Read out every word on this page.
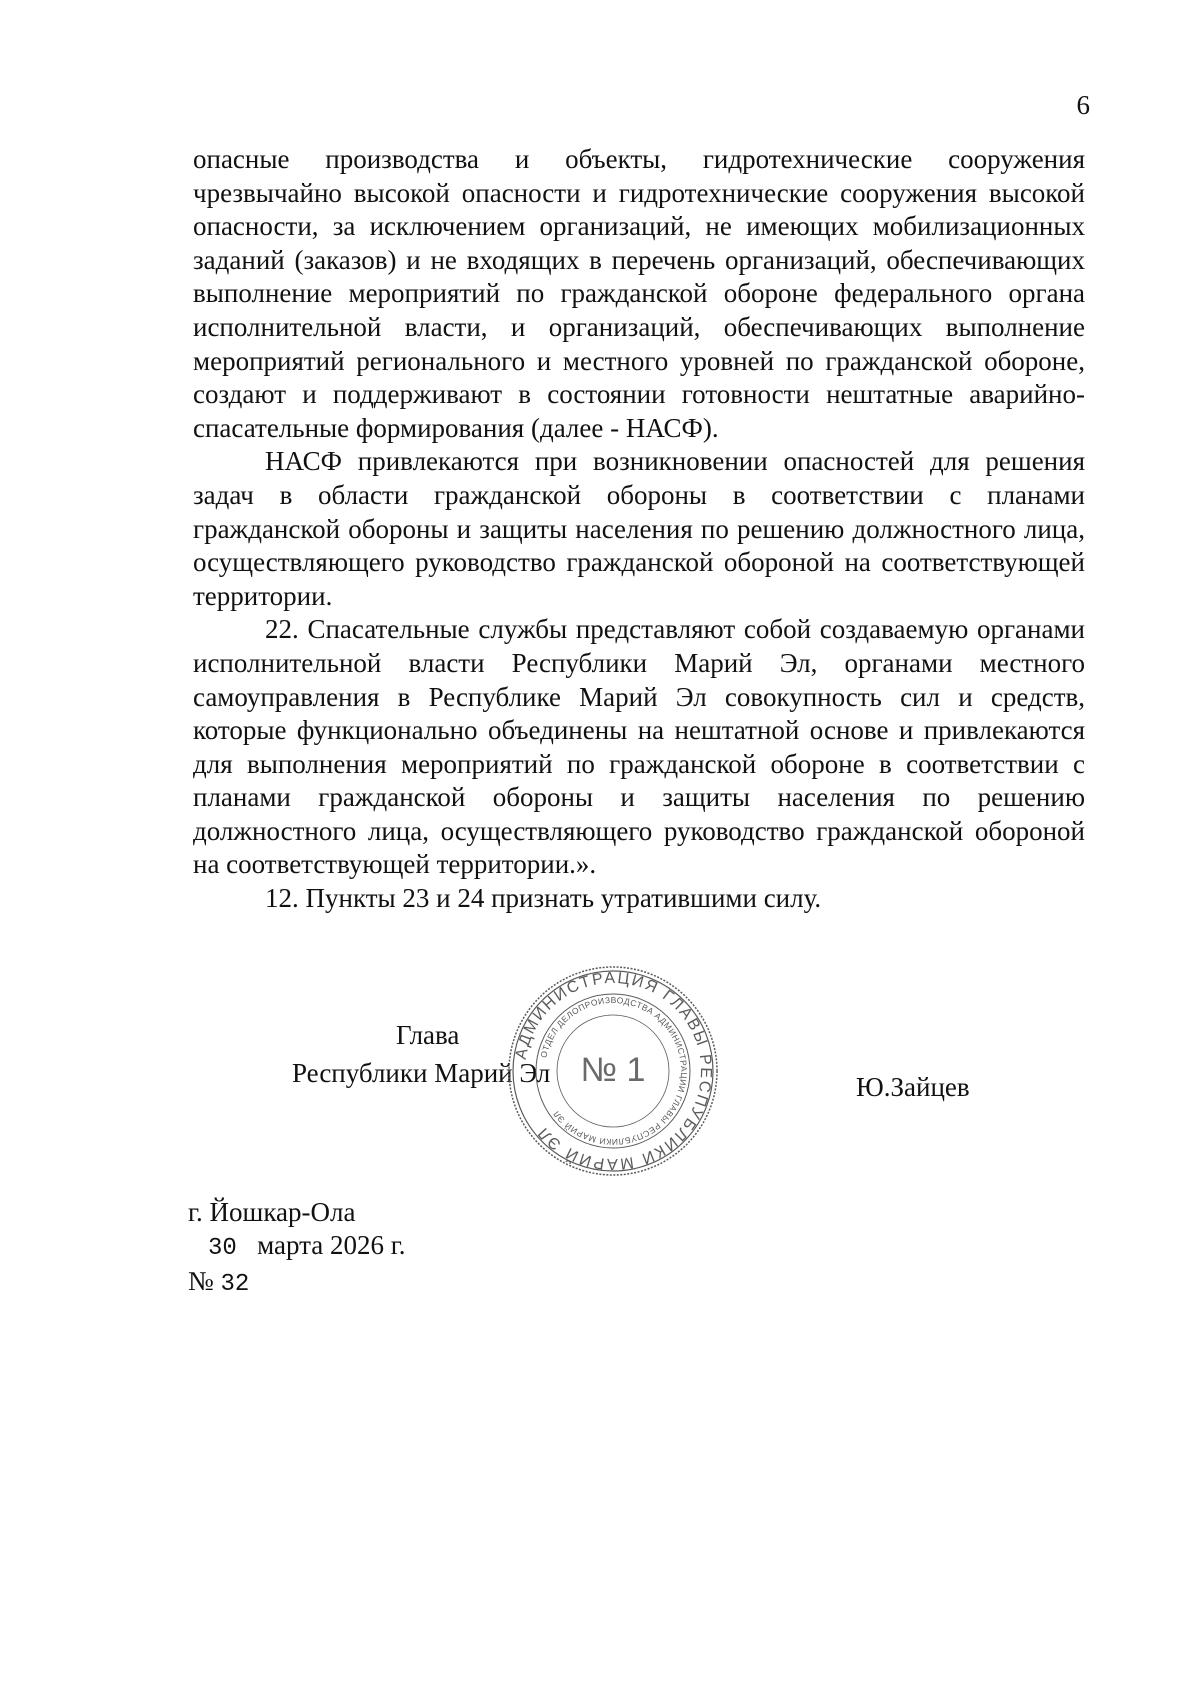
6

опасные производства и объекты, гидротехнические сооружения чрезвычайно высокой опасности и гидротехнические сооружения высокой опасности, за исключением организаций, не имеющих мобилизационных заданий (заказов) и не входящих в перечень организаций, обеспечивающих выполнение мероприятий по гражданской обороне федерального органа исполнительной власти, и организаций, обеспечивающих выполнение мероприятий регионального и местного уровней по гражданской обороне, создают и поддерживают в состоянии готовности нештатные аварийно-спасательные формирования (далее - НАСФ).

НАСФ привлекаются при возникновении опасностей для решения задач в области гражданской обороны в соответствии с планами гражданской обороны и защиты населения по решению должностного лица, осуществляющего руководство гражданской обороной на соответствующей территории.

22. Спасательные службы представляют собой создаваемую органами исполнительной власти Республики Марий Эл, органами местного самоуправления в Республике Марий Эл совокупность сил и средств, которые функционально объединены на нештатной основе и привлекаются для выполнения мероприятий по гражданской обороне в соответствии с планами гражданской обороны и защиты населения по решению должностного лица, осуществляющего руководство гражданской обороной на соответствующей территории.».

12. Пункты 23 и 24 признать утратившими силу.

Глава
Республики Марий Эл	Ю.Зайцев
АДМИНИСТРАЦИЯ ГЛАВЫ РЕСПУБЛИКИ МАРИЙ ЭЛ
ОТДЕЛ ДЕЛОПРОИЗВОДСТВА АДМИНИСТРАЦИИ ГЛАВЫ РЕСПУБЛИКИ МАРИЙ ЭЛ
№ 1
г. Йошкар-Ола
30 марта 2026 г.
№ 32
